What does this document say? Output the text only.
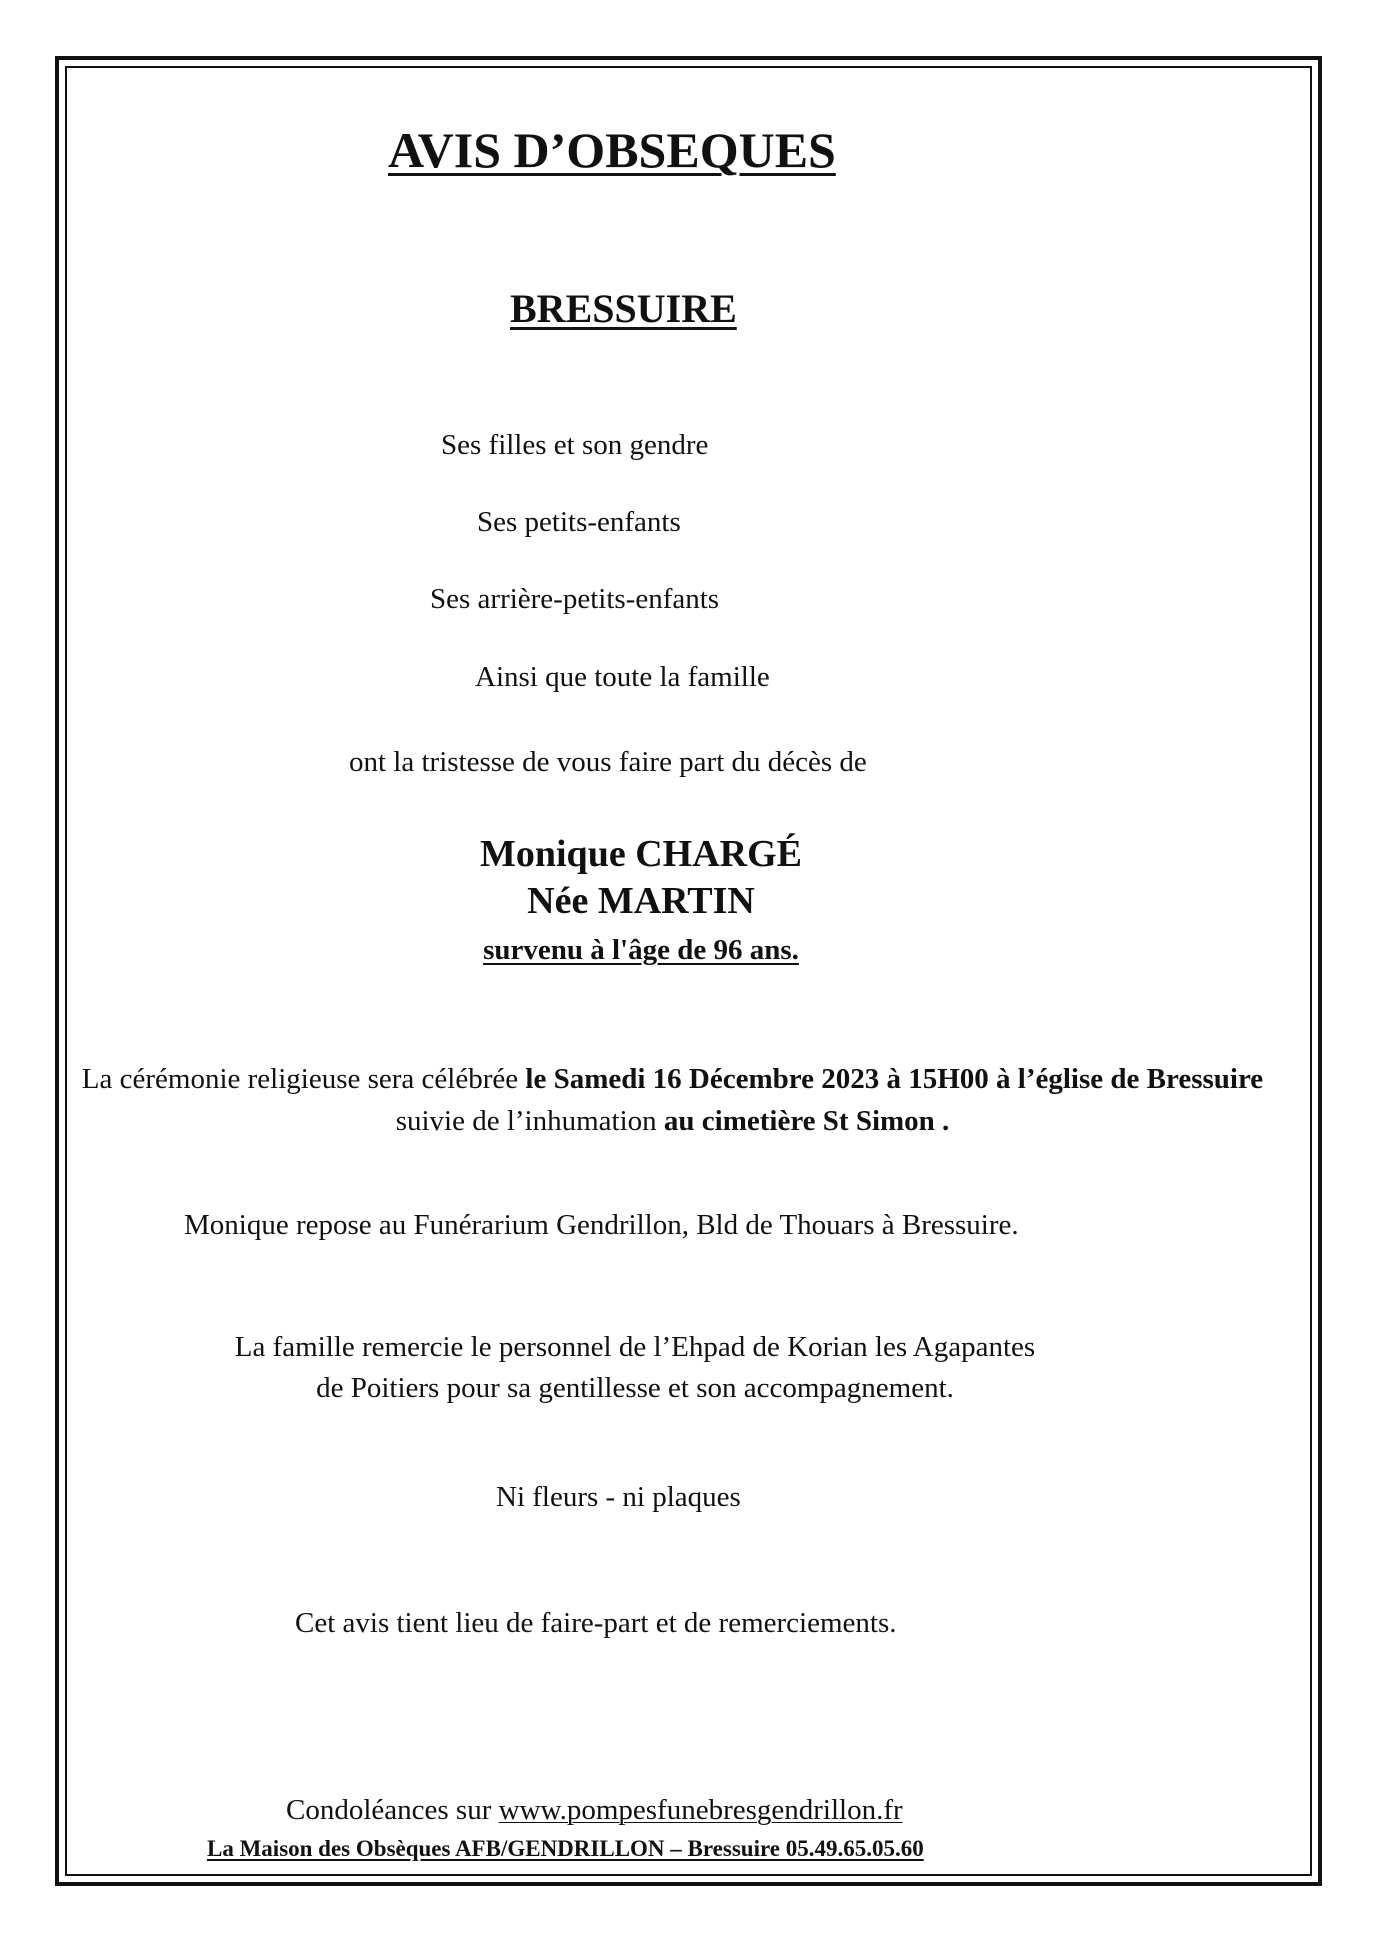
AVIS D’OBSEQUES
BRESSUIRE
Ses filles et son gendre
Ses petits-enfants
Ses arrière-petits-enfants
Ainsi que toute la famille
ont la tristesse de vous faire part du décès de
Monique CHARGÉ
Née MARTIN
survenu à l'âge de 96 ans.
La cérémonie religieuse sera célébrée le Samedi 16 Décembre 2023 à 15H00 à l’église de Bressuire suivie de l’inhumation au cimetière St Simon .
Monique repose au Funérarium Gendrillon, Bld de Thouars à Bressuire.
La famille remercie le personnel de l’Ehpad de Korian les Agapantes
de Poitiers pour sa gentillesse et son accompagnement.
Ni fleurs - ni plaques
Cet avis tient lieu de faire-part et de remerciements.
Condoléances sur www.pompesfunebresgendrillon.fr
La Maison des Obsèques AFB/GENDRILLON – Bressuire 05.49.65.05.60
